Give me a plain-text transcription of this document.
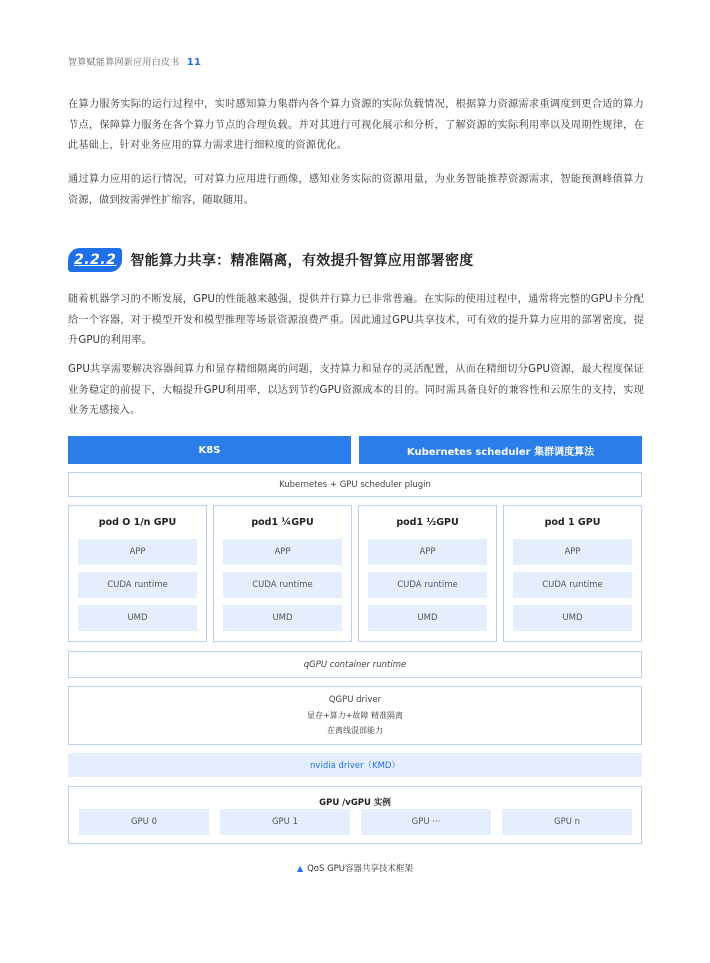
智算赋能算网新应用白皮书 11

在算力服务实际的运行过程中，实时感知算力集群内各个算力资源的实际负载情况，根据算力资源需求重调度到更合适的算力节点，保障算力服务在各个算力节点的合理负载。并对其进行可视化展示和分析，了解资源的实际利用率以及周期性规律，在此基础上，针对业务应用的算力需求进行细粒度的资源优化。

通过算力应用的运行情况，可对算力应用进行画像，感知业务实际的资源用量，为业务智能推荐资源需求，智能预测峰值算力资源，做到按需弹性扩缩容，随取随用。

2.2.2	智能算力共享：精准隔离，有效提升智算应用部署密度

随着机器学习的不断发展，GPU的性能越来越强，提供并行算力已非常普遍。在实际的使用过程中，通常将完整的GPU卡分配给一个容器，对于模型开发和模型推理等场景资源浪费严重。因此通过GPU共享技术，可有效的提升算力应用的部署密度，提升GPU的利用率。

GPU共享需要解决容器间算力和显存精细隔离的问题，支持算力和显存的灵活配置，从而在精细切分GPU资源，最大程度保证业务稳定的前提下，大幅提升GPU利用率，以达到节约GPU资源成本的目的。同时需具备良好的兼容性和云原生的支持，实现业务无感接入。

K8S	Kubernetes scheduler 集群调度算法
Kubernetes + GPU scheduler plugin
pod O 1/n GPU
APP
CUDA runtime
UMD
pod1 ¼GPU
APP
CUDA runtime
UMD
pod1 ½GPU
APP
CUDA runtime
UMD
pod 1 GPU
APP
CUDA runtime
UMD
qGPU container runtime
QGPU driver
显存+算力+故障 精准隔离
在离线混部能力
nvidia driver（KMD）
GPU /vGPU 实例
GPU 0	GPU 1	GPU ···	GPU n
▲ QoS GPU容器共享技术框架
